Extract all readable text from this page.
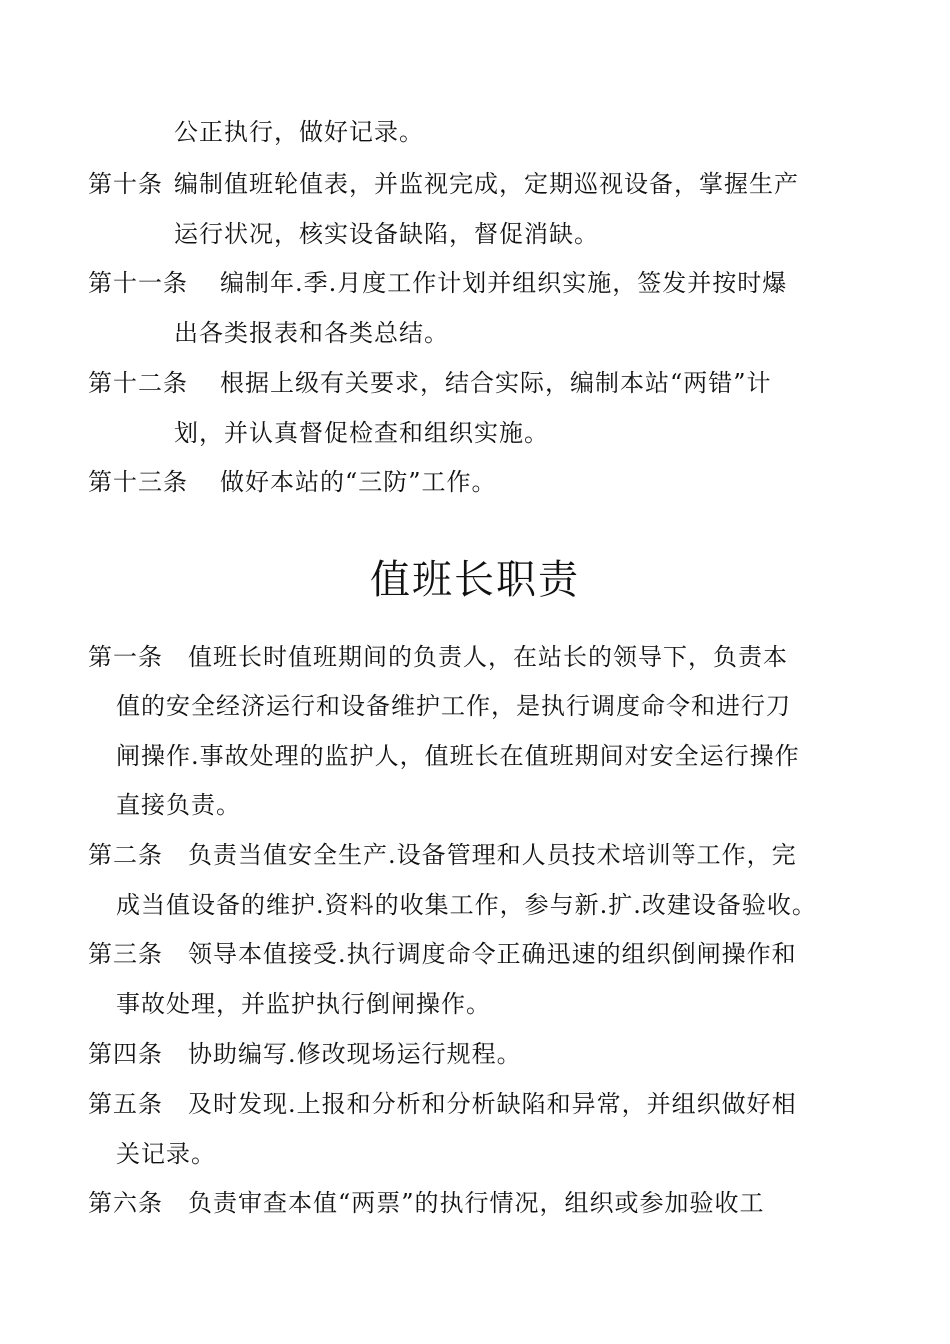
公正执行，做好记录。
第十条 编制值班轮值表，并监视完成，定期巡视设备，掌握生产
运行状况，核实设备缺陷，督促消缺。
第十一条 编制年.季.月度工作计划并组织实施，签发并按时爆
出各类报表和各类总结。
第十二条 根据上级有关要求，结合实际，编制本站“两错”计
划，并认真督促检查和组织实施。
第十三条 做好本站的“三防”工作。
值班长职责
第一条 值班长时值班期间的负责人，在站长的领导下，负责本
值的安全经济运行和设备维护工作，是执行调度命令和进行刀
闸操作.事故处理的监护人，值班长在值班期间对安全运行操作
直接负责。
第二条 负责当值安全生产.设备管理和人员技术培训等工作，完
成当值设备的维护.资料的收集工作，参与新.扩.改建设备验收。
第三条 领导本值接受.执行调度命令正确迅速的组织倒闸操作和
事故处理，并监护执行倒闸操作。
第四条 协助编写.修改现场运行规程。
第五条 及时发现.上报和分析和分析缺陷和异常，并组织做好相
关记录。
第六条 负责审查本值“两票”的执行情况，组织或参加验收工
